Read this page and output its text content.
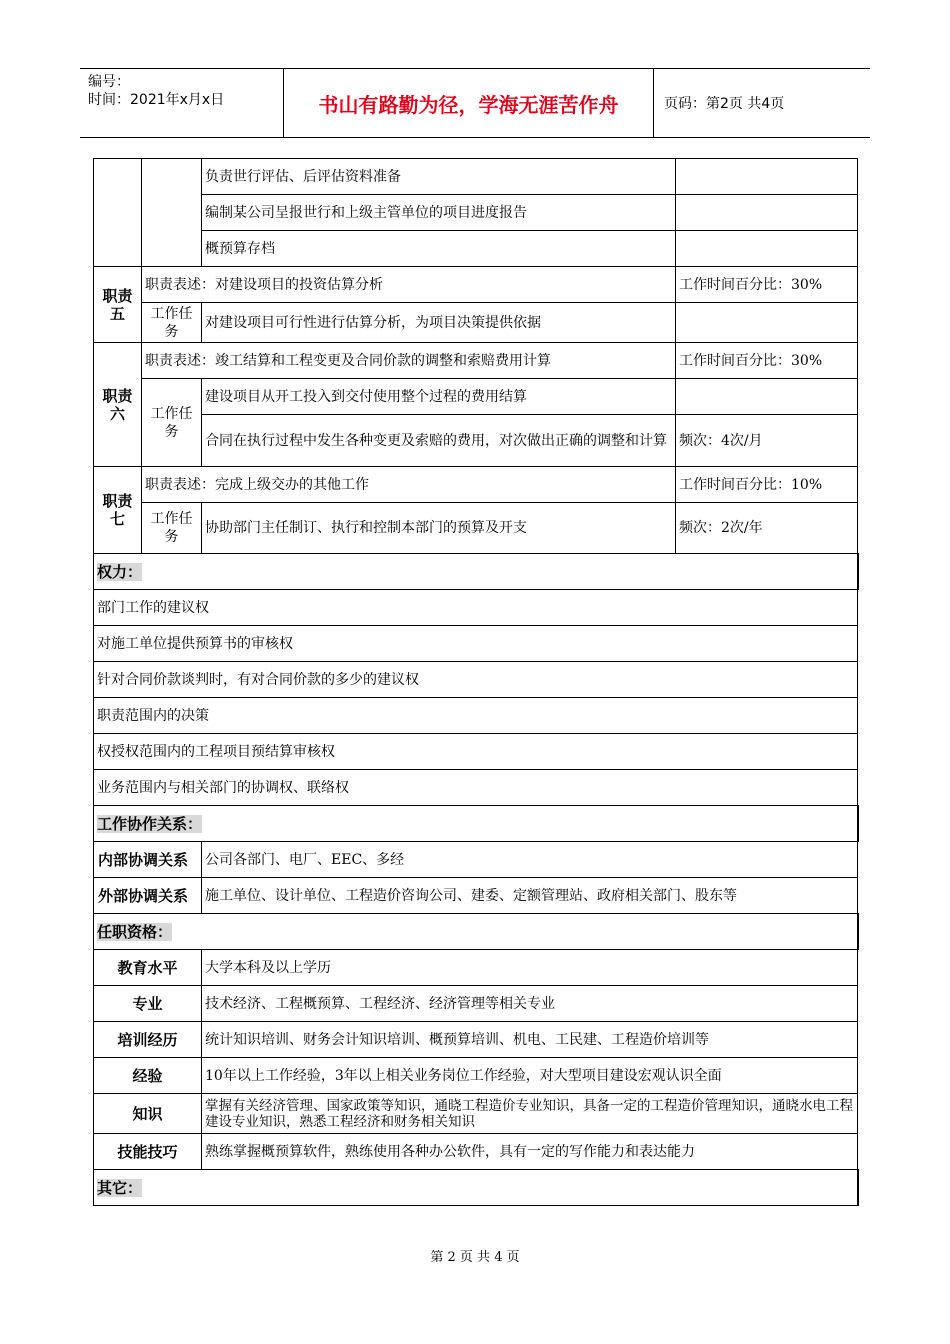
编号：
时间：2021年x月x日	书山有路勤为径，学海无涯苦作舟	页码：第2页 共4页
		负责世行评估、后评估资料准备	
		编制某公司呈报世行和上级主管单位的项目进度报告	
		概预算存档	
职责五	职责表述：对建设项目的投资估算分析		工作时间百分比：30%
	工作任务	对建设项目可行性进行估算分析，为项目决策提供依据	
职责六	职责表述：竣工结算和工程变更及合同价款的调整和索赔费用计算		工作时间百分比：30%
	工作任务	建设项目从开工投入到交付使用整个过程的费用结算	
		合同在执行过程中发生各种变更及索赔的费用，对次做出正确的调整和计算	频次：4次/月
职责七	职责表述：完成上级交办的其他工作		工作时间百分比：10%
	工作任务	协助部门主任制订、执行和控制本部门的预算及开支	频次：2次/年
权力：			
部门工作的建议权			
对施工单位提供预算书的审核权			
针对合同价款谈判时，有对合同价款的多少的建议权			
职责范围内的决策			
权授权范围内的工程项目预结算审核权			
业务范围内与相关部门的协调权、联络权			
工作协作关系：			
内部协调关系		公司各部门、电厂、EEC、多经	
外部协调关系		施工单位、设计单位、工程造价咨询公司、建委、定额管理站、政府相关部门、股东等	
任职资格：			
教育水平		大学本科及以上学历	
专业		技术经济、工程概预算、工程经济、经济管理等相关专业	
培训经历		统计知识培训、财务会计知识培训、概预算培训、机电、工民建、工程造价培训等	
经验		10年以上工作经验，3年以上相关业务岗位工作经验，对大型项目建设宏观认识全面	
知识		掌握有关经济管理、国家政策等知识，通晓工程造价专业知识，具备一定的工程造价管理知识，通晓水电工程建设专业知识，熟悉工程经济和财务相关知识	
技能技巧		熟练掌握概预算软件，熟练使用各种办公软件，具有一定的写作能力和表达能力	
其它：			
第 2 页 共 4 页
